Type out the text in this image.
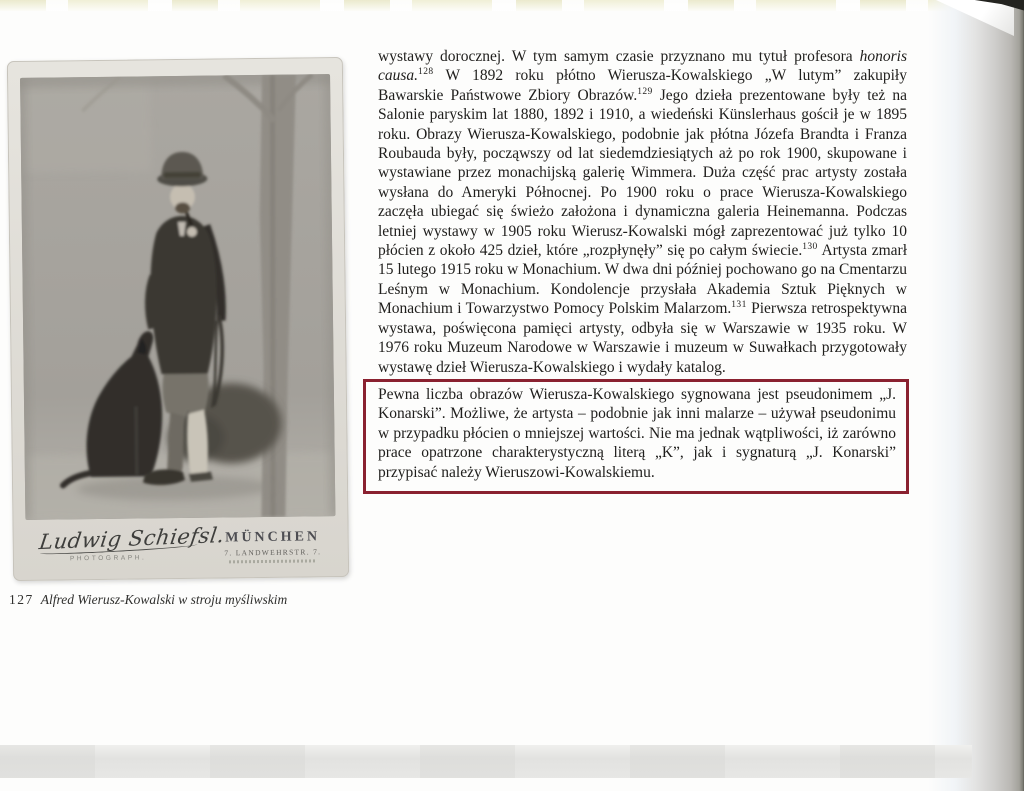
Ludwig Schiefsl.
PHOTOGRAPH.
MÜNCHEN
7. LANDWEHRSTR. 7.
127 Alfred Wierusz-Kowalski w stroju myśliwskim

wystawy dorocznej. W tym samym czasie przyznano mu tytuł profesora honoris causa.$^{128}$ W 1892 roku płótno Wierusza-Kowalskiego „W lutym” zakupiły Bawarskie Państwowe Zbiory Obrazów.$^{129}$ Jego dzieła prezentowane były też na Salonie paryskim lat 1880, 1892 i 1910, a wiedeński Künslerhaus gościł je w 1895 roku. Obrazy Wierusza-Kowalskiego, podobnie jak płótna Józefa Brandta i Franza Roubauda były, począwszy od lat siedemdziesiątych aż po rok 1900, skupowane i wystawiane przez monachijską galerię Wimmera. Duża część prac artysty została wysłana do Ameryki Północnej. Po 1900 roku o prace Wierusza-Kowalskiego zaczęła ubiegać się świeżo założona i dynamiczna galeria Heinemanna. Podczas letniej wystawy w 1905 roku Wierusz-Kowalski mógł zaprezentować już tylko 10 płócien z około 425 dzieł, które „rozpłynęły” się po całym świecie.$^{130}$ Artysta zmarł 15 lutego 1915 roku w Monachium. W dwa dni później pochowano go na Cmentarzu Leśnym w Monachium. Kondolencje przysłała Akademia Sztuk Pięknych w Monachium i Towarzystwo Pomocy Polskim Malarzom.$^{131}$ Pierwsza retrospektywna wystawa, poświęcona pamięci artysty, odbyła się w Warszawie w 1935 roku. W 1976 roku Muzeum Narodowe w Warszawie i muzeum w Suwałkach przygotowały wystawę dzieł Wierusza-Kowalskiego i wydały katalog.

Pewna liczba obrazów Wierusza-Kowalskiego sygnowana jest pseudonimem „J. Konarski”. Możliwe, że artysta – podobnie jak inni malarze – używał pseudonimu w przypadku płócien o mniejszej wartości. Nie ma jednak wątpliwości, iż zarówno prace opatrzone charakterystyczną literą „K”, jak i sygnaturą „J. Konarski” przypisać należy Wieruszowi-Kowalskiemu.
